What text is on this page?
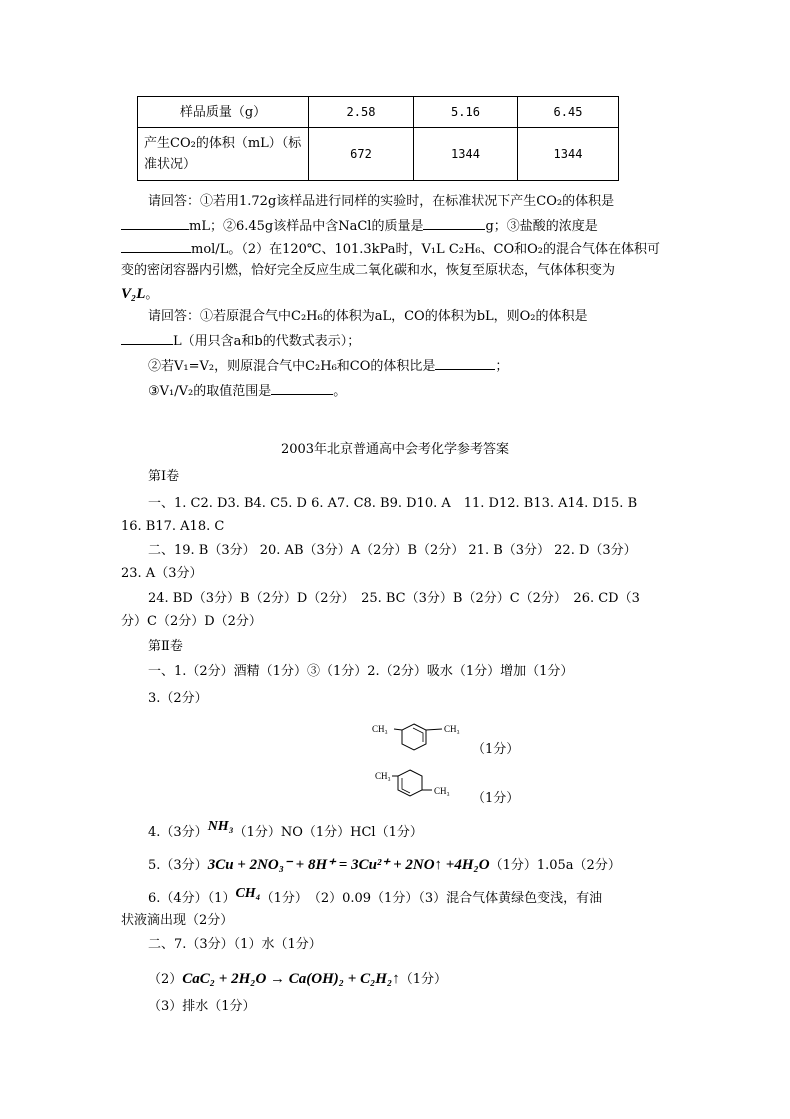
样品质量（g）	2.58	5.16	6.45
产生CO₂的体积（mL）（标准状况）	672	1344	1344
请回答：①若用1.72g该样品进行同样的实验时，在标准状况下产生CO₂的体积是
mL；②6.45g该样品中含NaCl的质量是	g；③盐酸的浓度是
mol/L。（2）在120℃、101.3kPa时，V₁L C₂H₆、CO和O₂的混合气体在体积可
变的密闭容器内引燃，恰好完全反应生成二氧化碳和水，恢复至原状态，气体体积变为
V₂L。
请回答：①若原混合气中C₂H₆的体积为aL，CO的体积为bL，则O₂的体积是
L（用只含a和b的代数式表示）；
②若V₁=V₂，则原混合气中C₂H₆和CO的体积比是	；
③V₁/V₂的取值范围是	。
2003年北京普通高中会考化学参考答案
第Ⅰ卷
一、1. C2. D3. B4. C5. D 6. A7. C8. B9. D10. A　11. D12. B13. A14. D15. B
16. B17. A18. C
二、19. B（3分） 20. AB（3分）A（2分）B（2分） 21. B（3分） 22. D（3分）
23. A（3分）
24. BD（3分）B（2分）D（2分）　25. BC（3分）B（2分）C（2分）　26. CD（3
分）C（2分）D（2分）
第Ⅱ卷
一、1.（2分）酒精（1分）③（1分）2.（2分）吸水（1分）增加（1分）
3.（2分）
CH₃	CH₃
（1分）
CH₃
CH₃ （1分）
4.（3分）NH₃（1分）NO（1分）HCl（1分）
5.（3分）3Cu + 2NO₃⁻ + 8H⁺ = 3Cu²⁺ + 2NO↑ +4H₂O（1分）1.05a（2分）
6.（4分）（1）CH₄（1分）　（2）0.09（1分）（3）混合气体黄绿色变浅，有油
状液滴出现（2分）
二、7.（3分）（1）水（1分）
（2）CaC₂ + 2H₂O → Ca(OH)₂ + C₂H₂↑（1分）
（3）排水（1分）
